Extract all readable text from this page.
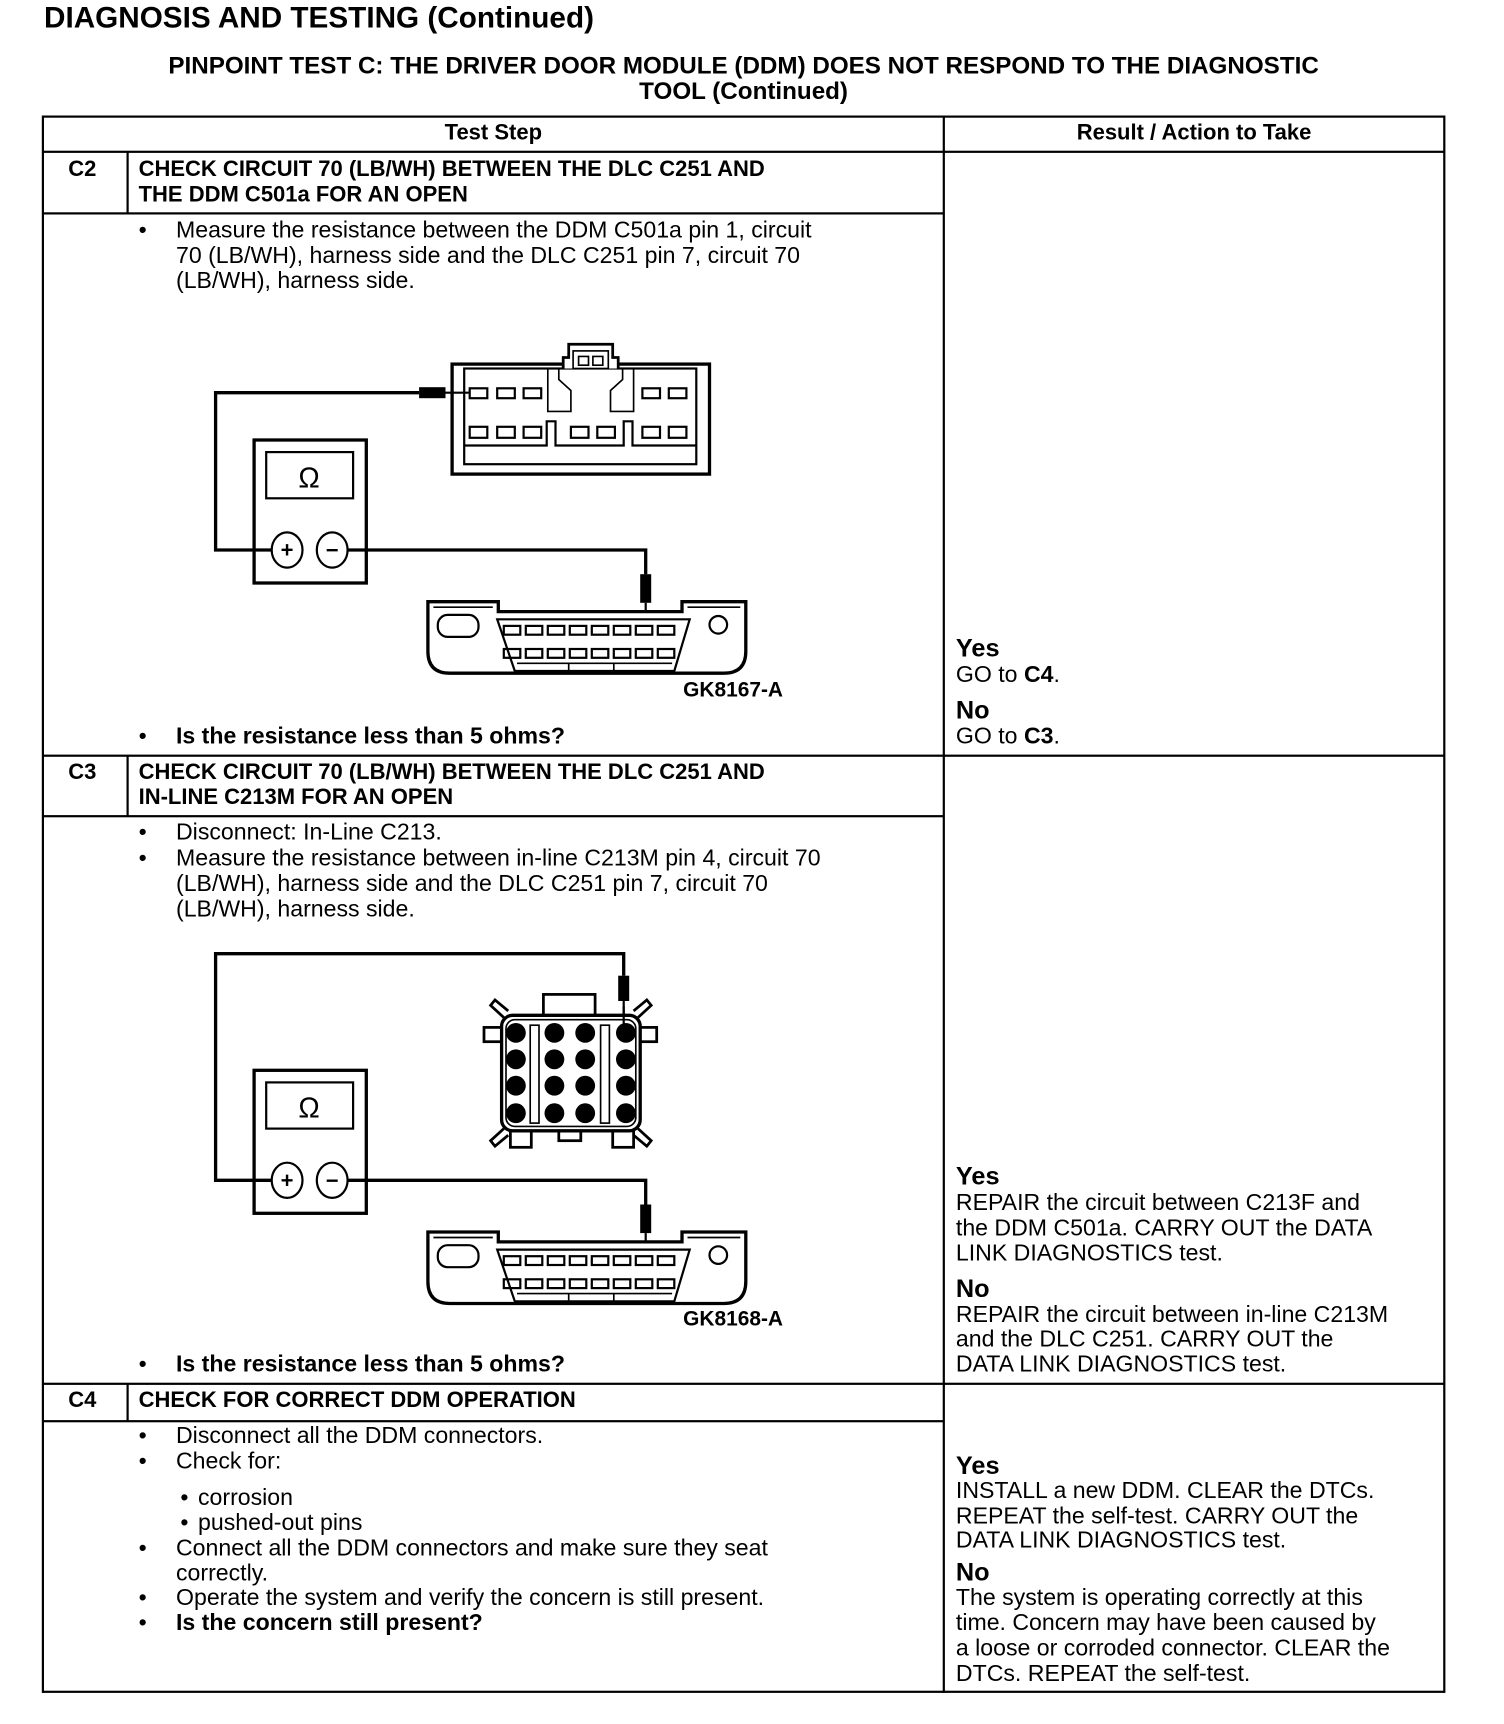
DIAGNOSIS AND TESTING (Continued)
PINPOINT TEST C: THE DRIVER DOOR MODULE (DDM) DOES NOT RESPOND TO THE DIAGNOSTIC
TOOL (Continued)
Test Step	Result / Action to Take
C2 CHECK CIRCUIT 70 (LB/WH) BETWEEN THE DLC C251 AND
THE DDM C501a FOR AN OPEN
• Measure the resistance between the DDM C501a pin 1, circuit
70 (LB/WH), harness side and the DLC C251 pin 7, circuit 70
(LB/WH), harness side.
GK8167-A
• Is the resistance less than 5 ohms?
Yes
GO to C4.
No
GO to C3.
C3 CHECK CIRCUIT 70 (LB/WH) BETWEEN THE DLC C251 AND
IN-LINE C213M FOR AN OPEN
• Disconnect: In-Line C213.
• Measure the resistance between in-line C213M pin 4, circuit 70
(LB/WH), harness side and the DLC C251 pin 7, circuit 70
(LB/WH), harness side.
GK8168-A
• Is the resistance less than 5 ohms?
Yes
REPAIR the circuit between C213F and
the DDM C501a. CARRY OUT the DATA
LINK DIAGNOSTICS test.
No
REPAIR the circuit between in-line C213M
and the DLC C251. CARRY OUT the
DATA LINK DIAGNOSTICS test.
C4 CHECK FOR CORRECT DDM OPERATION
• Disconnect all the DDM connectors.
• Check for:
• corrosion
• pushed-out pins
• Connect all the DDM connectors and make sure they seat
correctly.
• Operate the system and verify the concern is still present.
• Is the concern still present?
Yes
INSTALL a new DDM. CLEAR the DTCs.
REPEAT the self-test. CARRY OUT the
DATA LINK DIAGNOSTICS test.
No
The system is operating correctly at this
time. Concern may have been caused by
a loose or corroded connector. CLEAR the
DTCs. REPEAT the self-test.
Ω
+ −
Ω
+ −
